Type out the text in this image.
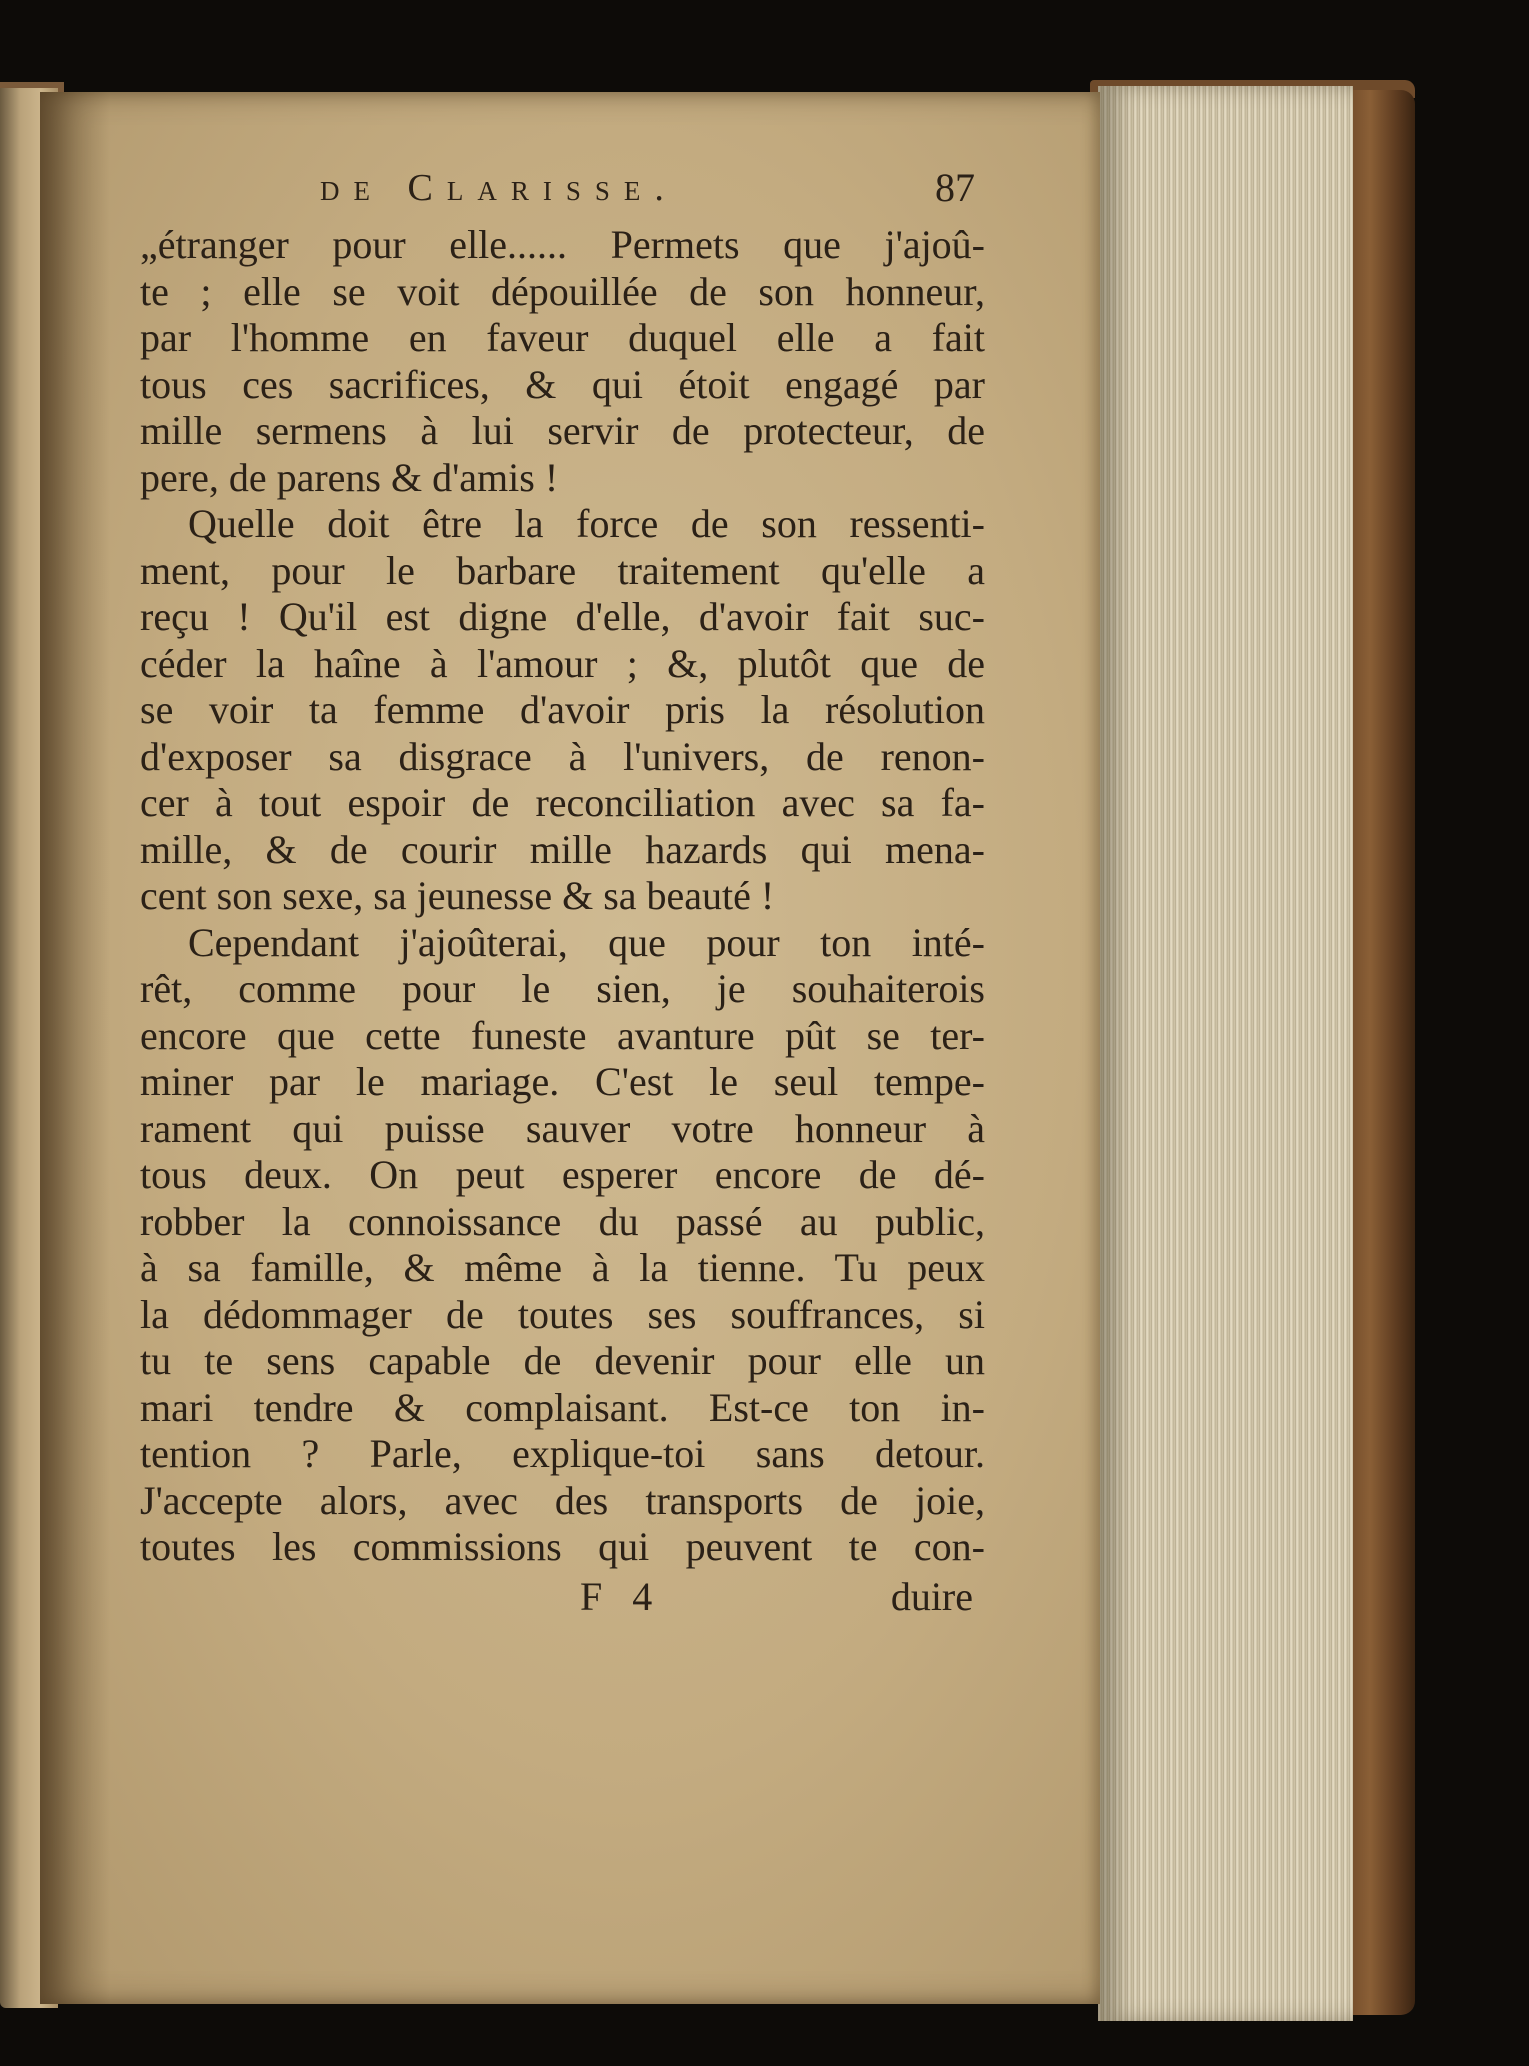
de Clarisse.	87
„étranger pour elle...... Permets que j'ajoû-
te ; elle se voit dépouillée de son honneur,
par l'homme en faveur duquel elle a fait
tous ces sacrifices, & qui étoit engagé par
mille sermens à lui servir de protecteur, de
pere, de parens & d'amis !
Quelle doit être la force de son ressenti-
ment, pour le barbare traitement qu'elle a
reçu ! Qu'il est digne d'elle, d'avoir fait suc-
céder la haîne à l'amour ; &, plutôt que de
se voir ta femme d'avoir pris la résolution
d'exposer sa disgrace à l'univers, de renon-
cer à tout espoir de reconciliation avec sa fa-
mille, & de courir mille hazards qui mena-
cent son sexe, sa jeunesse & sa beauté !
Cependant j'ajoûterai, que pour ton inté-
rêt, comme pour le sien, je souhaiterois
encore que cette funeste avanture pût se ter-
miner par le mariage. C'est le seul tempe-
rament qui puisse sauver votre honneur à
tous deux. On peut esperer encore de dé-
robber la connoissance du passé au public,
à sa famille, & même à la tienne. Tu peux
la dédommager de toutes ses souffrances, si
tu te sens capable de devenir pour elle un
mari tendre & complaisant. Est-ce ton in-
tention ? Parle, explique-toi sans detour.
J'accepte alors, avec des transports de joie,
toutes les commissions qui peuvent te con-
F 4	duire
